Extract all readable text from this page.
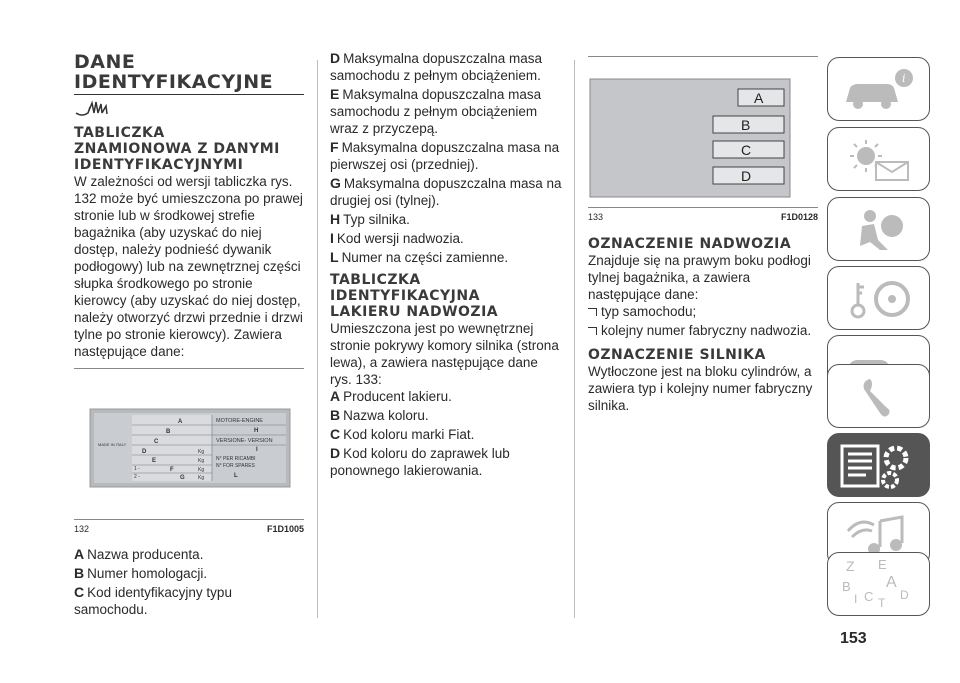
DANE
IDENTYFIKACYJNE
TABLICZKA
ZNAMIONOWA Z DANYMI
IDENTYFIKACYJNYMI

W zależności od wersji tabliczka rys. 132 może być umieszczona po prawej stronie lub w środkowej strefie bagażnika (aby uzyskać do niej dostęp, należy podnieść dywanik podłogowy) lub na zewnętrznej części słupka środkowego po stronie kierowcy (aby uzyskać do niej dostęp, należy otworzyć drzwi przednie i drzwi tylne po stronie kierowcy). Zawiera następujące dane:

MADE IN ITALY
A
B
C
D
E
F
G
1 -
2 -
Kg
Kg
Kg
Kg
MOTORE-ENGINE
H
VERSIONE- VERSION
I
N° PER RICAMBI
N° FOR SPARES
L
132	F1D1005
A Nazwa producenta.
B Numer homologacji.
C Kod identyfikacyjny typu samochodu.
D Maksymalna dopuszczalna masa samochodu z pełnym obciążeniem.
E Maksymalna dopuszczalna masa samochodu z pełnym obciążeniem wraz z przyczepą.
F Maksymalna dopuszczalna masa na pierwszej osi (przedniej).
G Maksymalna dopuszczalna masa na drugiej osi (tylnej).
H Typ silnika.
I Kod wersji nadwozia.
L Numer na części zamienne.
TABLICZKA
IDENTYFIKACYJNA
LAKIERU NADWOZIA

Umieszczona jest po wewnętrznej stronie pokrywy komory silnika (strona lewa), a zawiera następujące dane rys. 133:

A Producent lakieru.
B Nazwa koloru.
C Kod koloru marki Fiat.
D Kod koloru do zaprawek lub ponownego lakierowania.
A
B
C
D
133	F1D0128
OZNACZENIE NADWOZIA

Znajduje się na prawym boku podłogi tylnej bagażnika, a zawiera następujące dane:

typ samochodu;
kolejny numer fabryczny nadwozia.
OZNACZENIE SILNIKA

Wytłoczone jest na bloku cylindrów, a zawiera typ i kolejny numer fabryczny silnika.

i
Z E
A
B
D
I C T
153
